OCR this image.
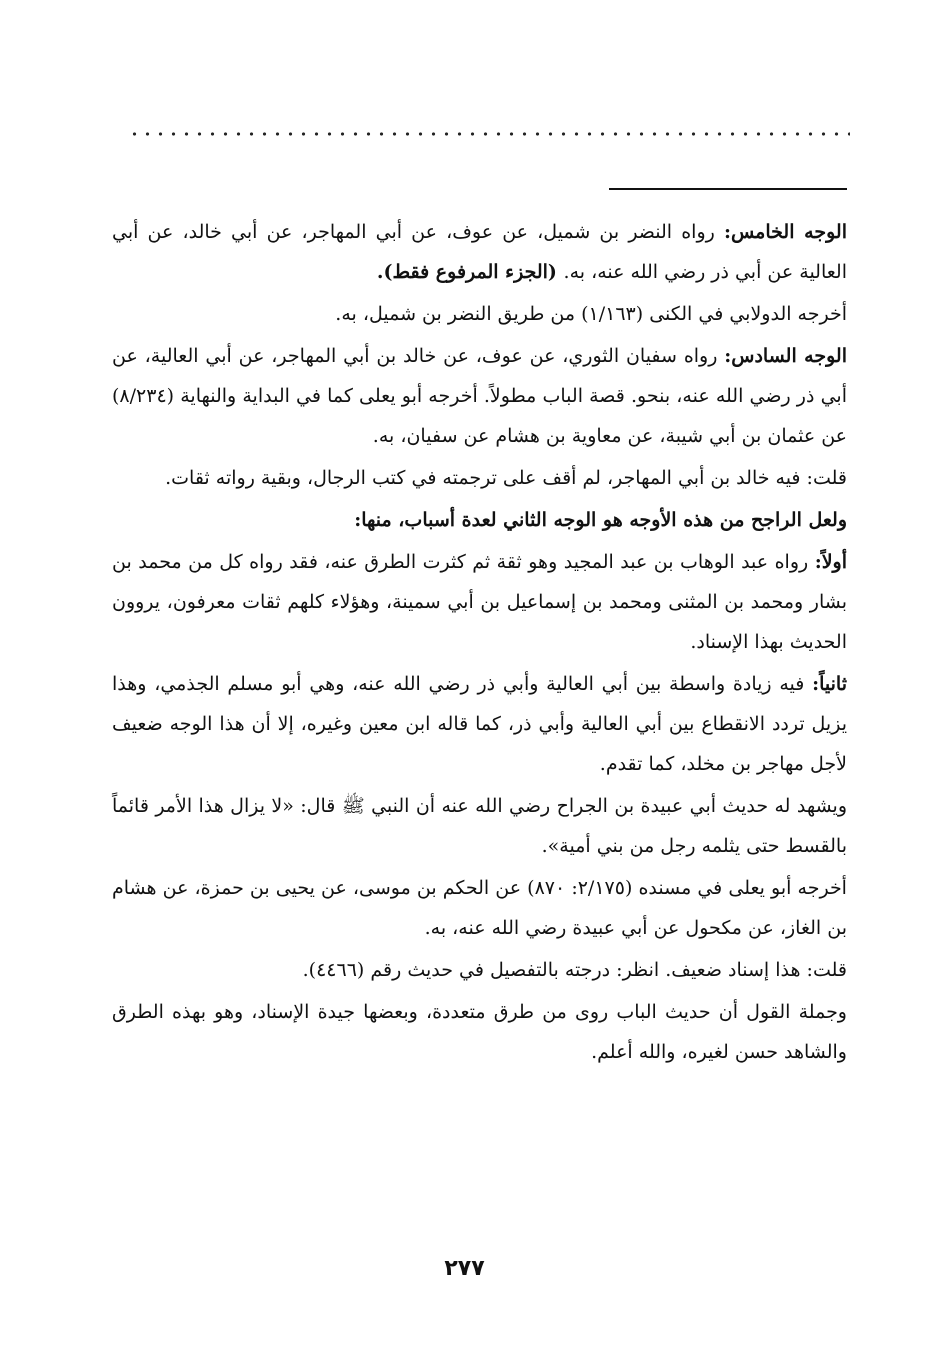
الوجه الخامس: رواه النضر بن شميل، عن عوف، عن أبي المهاجر، عن أبي خالد، عن أبي العالية عن أبي ذر رضي الله عنه، به. (الجزء المرفوع فقط).

أخرجه الدولابي في الكنى (١/١٦٣) من طريق النضر بن شميل، به.

الوجه السادس: رواه سفيان الثوري، عن عوف، عن خالد بن أبي المهاجر، عن أبي العالية، عن أبي ذر رضي الله عنه، بنحو. قصة الباب مطولاً. أخرجه أبو يعلى كما في البداية والنهاية (٨/٢٣٤) عن عثمان بن أبي شيبة، عن معاوية بن هشام عن سفيان، به.

قلت: فيه خالد بن أبي المهاجر، لم أقف على ترجمته في كتب الرجال، وبقية رواته ثقات.

ولعل الراجح من هذه الأوجه هو الوجه الثاني لعدة أسباب، منها:

أولاً: رواه عبد الوهاب بن عبد المجيد وهو ثقة ثم كثرت الطرق عنه، فقد رواه كل من محمد بن بشار ومحمد بن المثنى ومحمد بن إسماعيل بن أبي سمينة، وهؤلاء كلهم ثقات معرفون، يروون الحديث بهذا الإسناد.

ثانياً: فيه زيادة واسطة بين أبي العالية وأبي ذر رضي الله عنه، وهي أبو مسلم الجذمي، وهذا يزيل تردد الانقطاع بين أبي العالية وأبي ذر، كما قاله ابن معين وغيره، إلا أن هذا الوجه ضعيف لأجل مهاجر بن مخلد، كما تقدم.

ويشهد له حديث أبي عبيدة بن الجراح رضي الله عنه أن النبي ﷺ قال: «لا يزال هذا الأمر قائماً بالقسط حتى يثلمه رجل من بني أمية».

أخرجه أبو يعلى في مسنده (٢/١٧٥: ٨٧٠) عن الحكم بن موسى، عن يحيى بن حمزة، عن هشام بن الغاز، عن مكحول عن أبي عبيدة رضي الله عنه، به.

قلت: هذا إسناد ضعيف. انظر: درجته بالتفصيل في حديث رقم (٤٤٦٦).

وجملة القول أن حديث الباب روى من طرق متعددة، وبعضها جيدة الإسناد، وهو بهذه الطرق والشاهد حسن لغيره، والله أعلم.

٢٧٧
